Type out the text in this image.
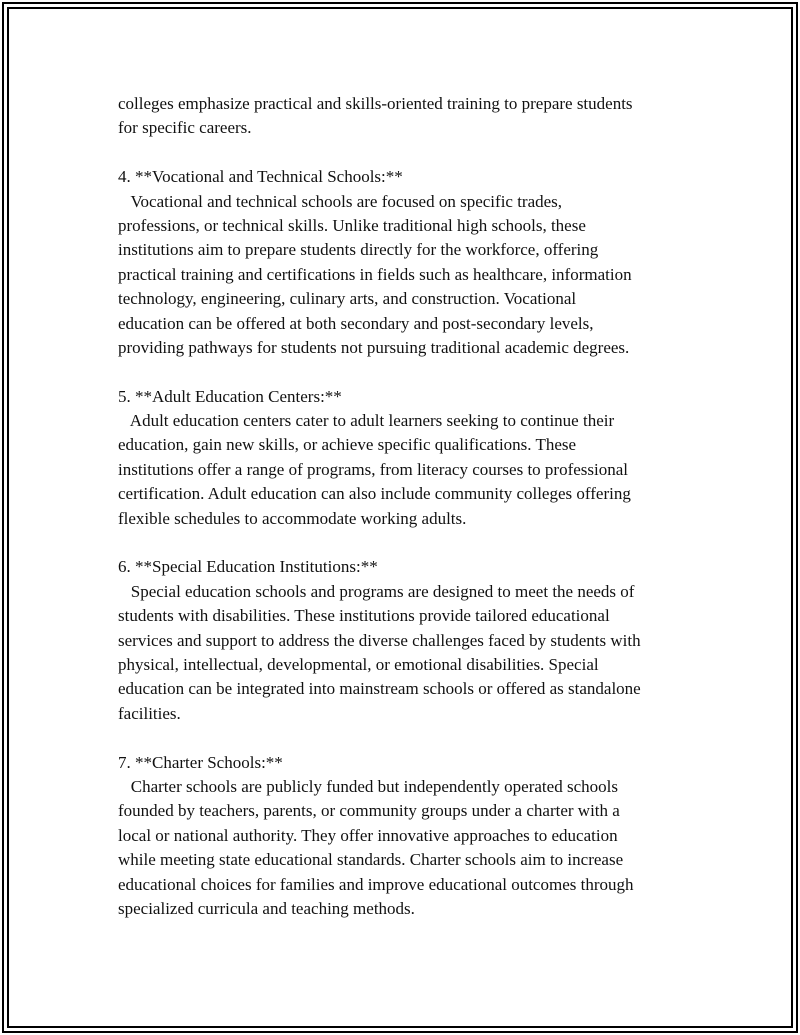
colleges emphasize practical and skills-oriented training to prepare students
for specific careers.
4. **Vocational and Technical Schools:**
Vocational and technical schools are focused on specific trades,
professions, or technical skills. Unlike traditional high schools, these
institutions aim to prepare students directly for the workforce, offering
practical training and certifications in fields such as healthcare, information
technology, engineering, culinary arts, and construction. Vocational
education can be offered at both secondary and post-secondary levels,
providing pathways for students not pursuing traditional academic degrees.
5. **Adult Education Centers:**
Adult education centers cater to adult learners seeking to continue their
education, gain new skills, or achieve specific qualifications. These
institutions offer a range of programs, from literacy courses to professional
certification. Adult education can also include community colleges offering
flexible schedules to accommodate working adults.
6. **Special Education Institutions:**
Special education schools and programs are designed to meet the needs of
students with disabilities. These institutions provide tailored educational
services and support to address the diverse challenges faced by students with
physical, intellectual, developmental, or emotional disabilities. Special
education can be integrated into mainstream schools or offered as standalone
facilities.
7. **Charter Schools:**
Charter schools are publicly funded but independently operated schools
founded by teachers, parents, or community groups under a charter with a
local or national authority. They offer innovative approaches to education
while meeting state educational standards. Charter schools aim to increase
educational choices for families and improve educational outcomes through
specialized curricula and teaching methods.
